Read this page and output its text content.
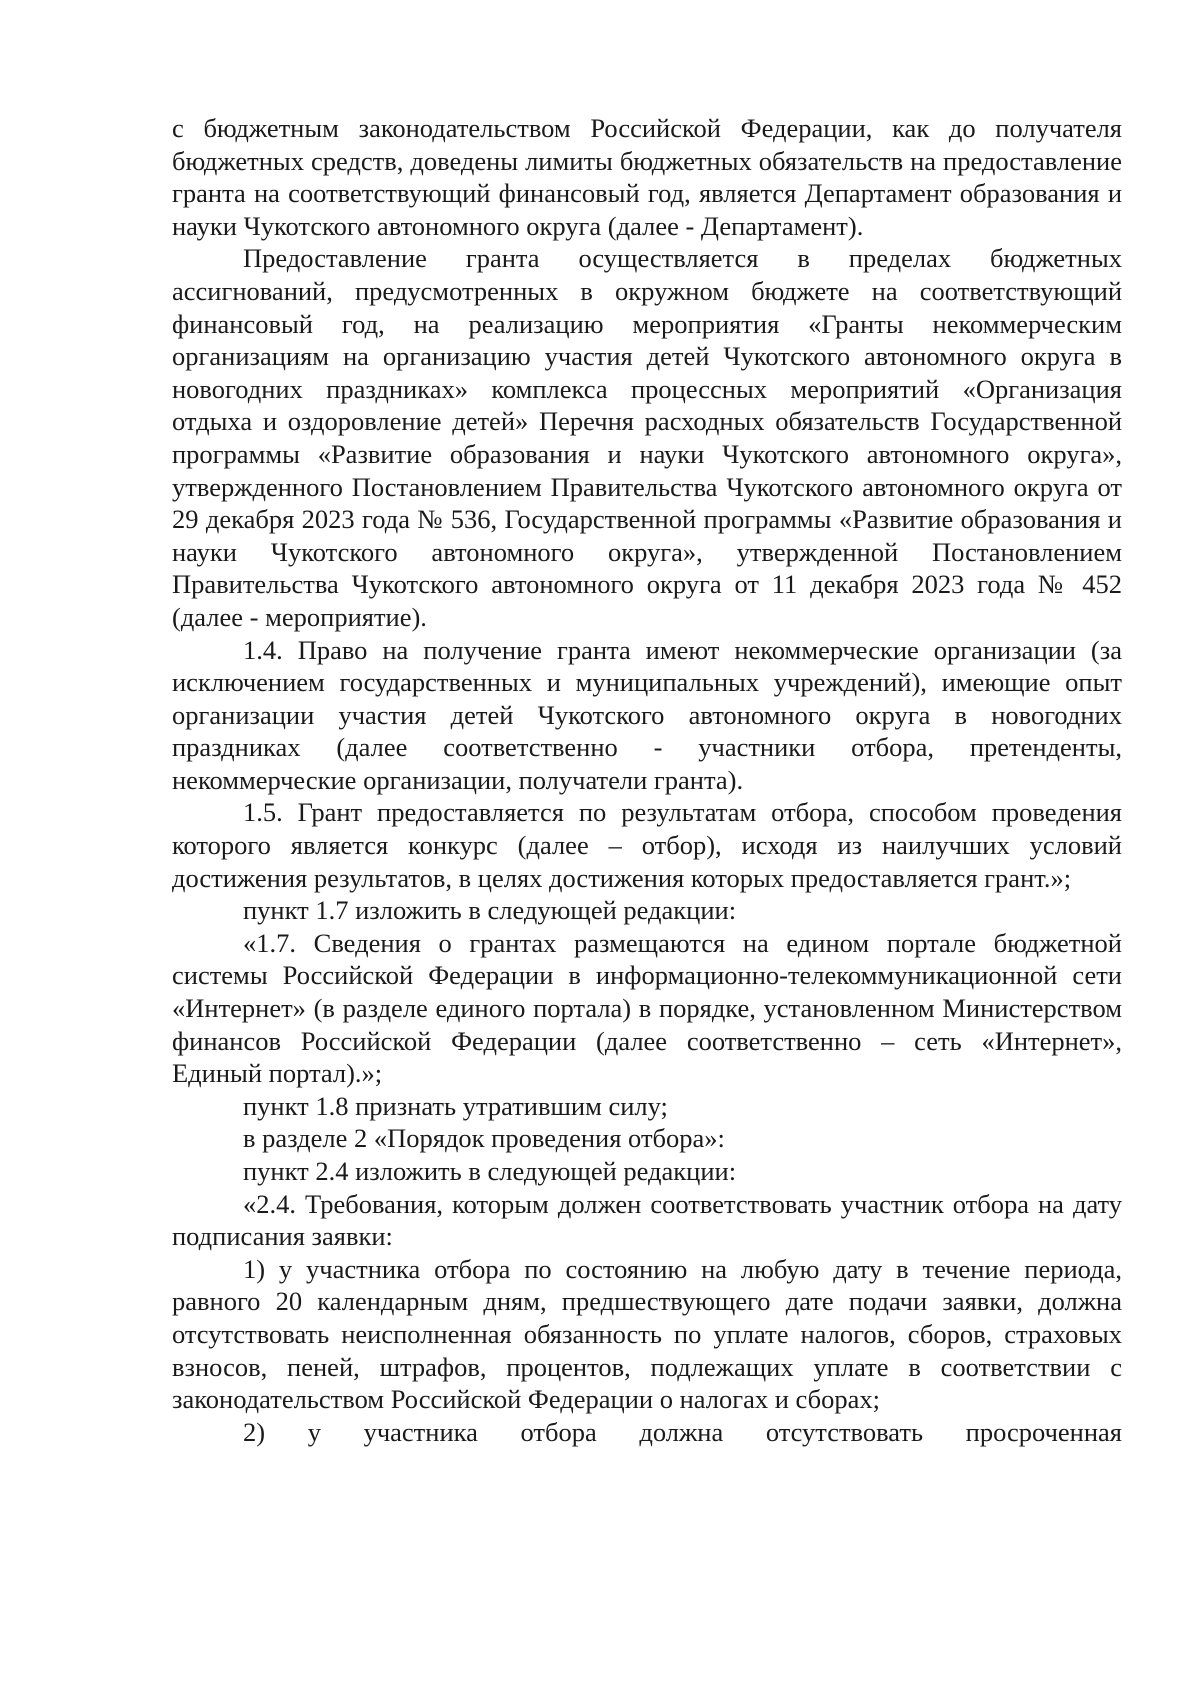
с бюджетным законодательством Российской Федерации, как до получателя бюджетных средств, доведены лимиты бюджетных обязательств на предоставление гранта на соответствующий финансовый год, является Департамент образования и науки Чукотского автономного округа (далее - Департамент).

Предоставление гранта осуществляется в пределах бюджетных ассигнований, предусмотренных в окружном бюджете на соответствующий финансовый год, на реализацию мероприятия «Гранты некоммерческим организациям на организацию участия детей Чукотского автономного округа в новогодних праздниках» комплекса процессных мероприятий «Организация отдыха и оздоровление детей» Перечня расходных обязательств Государственной программы «Развитие образования и науки Чукотского автономного округа», утвержденного Постановлением Правительства Чукотского автономного округа от 29 декабря 2023 года № 536, Государственной программы «Развитие образования и науки Чукотского автономного округа», утвержденной Постановлением Правительства Чукотского автономного округа от 11 декабря 2023 года № 452 (далее - мероприятие).

1.4. Право на получение гранта имеют некоммерческие организации (за исключением государственных и муниципальных учреждений), имеющие опыт организации участия детей Чукотского автономного округа в новогодних праздниках (далее соответственно - участники отбора, претенденты, некоммерческие организации, получатели гранта).

1.5. Грант предоставляется по результатам отбора, способом проведения которого является конкурс (далее – отбор), исходя из наилучших условий достижения результатов, в целях достижения которых предоставляется грант.»;

пункт 1.7 изложить в следующей редакции:

«1.7. Сведения о грантах размещаются на едином портале бюджетной системы Российской Федерации в информационно-телекоммуникационной сети «Интернет» (в разделе единого портала) в порядке, установленном Министерством финансов Российской Федерации (далее соответственно – сеть «Интернет», Единый портал).»;

пункт 1.8 признать утратившим силу;

в разделе 2 «Порядок проведения отбора»:

пункт 2.4 изложить в следующей редакции:

«2.4. Требования, которым должен соответствовать участник отбора на дату подписания заявки:

1) у участника отбора по состоянию на любую дату в течение периода, равного 20 календарным дням, предшествующего дате подачи заявки, должна отсутствовать неисполненная обязанность по уплате налогов, сборов, страховых взносов, пеней, штрафов, процентов, подлежащих уплате в соответствии с законодательством Российской Федерации о налогах и сборах;

2) у участника отбора должна отсутствовать просроченная
